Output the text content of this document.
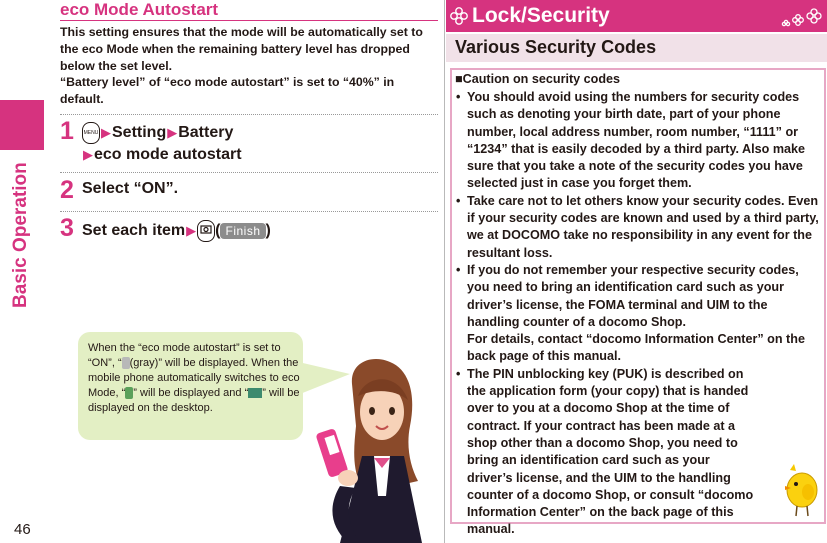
Basic Operation
46
eco Mode Autostart
This setting ensures that the mode will be automatically set to the eco Mode when the remaining battery level has dropped below the set level.
“Battery level” of “eco mode autostart” is set to “40%” in default.
1	MENU ▶Setting▶Battery
▶eco mode autostart
2 Select “ON”.
3 Set each item▶ ( Finish )
When the “eco mode autostart” is set to “ON”, “ (gray)” will be displayed. When the mobile phone automatically switches to eco Mode, “ ” will be displayed and “ ” will be displayed on the desktop.
Lock/Security
Various Security Codes
■Caution on security codes
• You should avoid using the numbers for security codes such as denoting your birth date, part of your phone number, local address number, room number, “1111” or “1234” that is easily decoded by a third party. Also make sure that you take a note of the security codes you have selected just in case you forget them.
• Take care not to let others know your security codes. Even if your security codes are known and used by a third party, we at DOCOMO take no responsibility in any event for the resultant loss.
• If you do not remember your respective security codes, you need to bring an identification card such as your driver’s license, the FOMA terminal and UIM to the handling counter of a docomo Shop.
For details, contact “docomo Information Center” on the back page of this manual.
• The PIN unblocking key (PUK) is described on the application form (your copy) that is handed over to you at a docomo Shop at the time of contract. If your contract has been made at a shop other than a docomo Shop, you need to bring an identification card such as your driver’s license, and the UIM to the handling counter of a docomo Shop, or consult “docomo Information Center” on the back page of this manual.
